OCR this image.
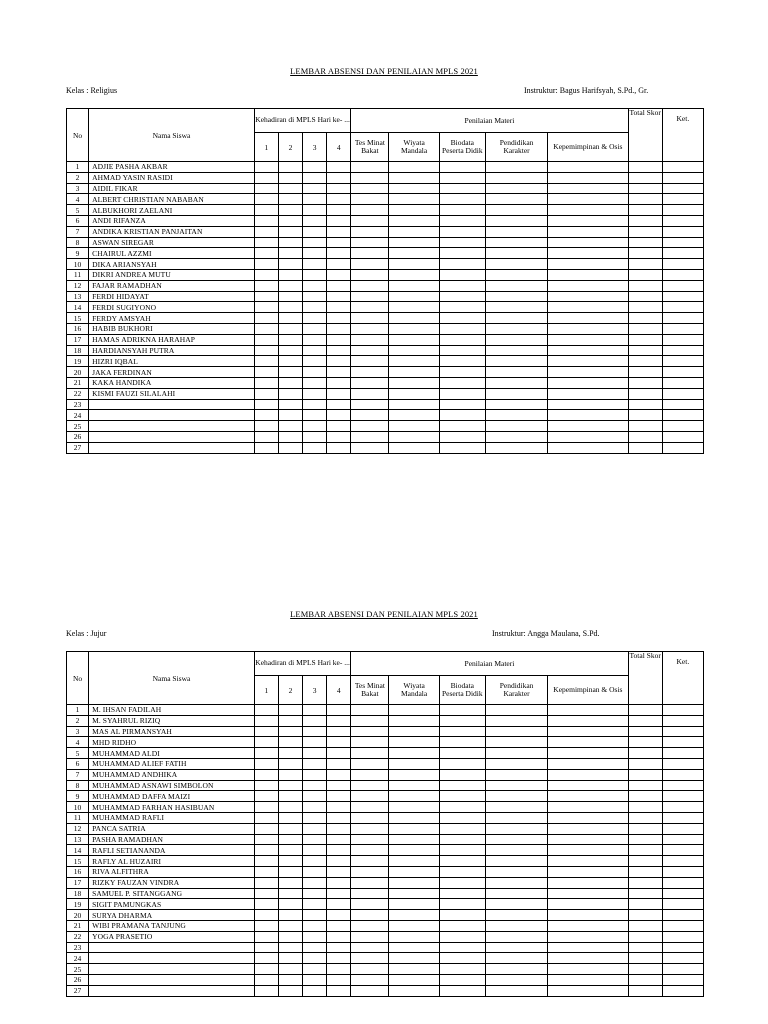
LEMBAR ABSENSI DAN PENILAIAN MPLS 2021
Kelas : Religius	Instruktur: Bagus Harifsyah, S.Pd., Gr.
No	Nama Siswa	Kehadiran di MPLS Hari ke- ...				Penilaian Materi					Total Skor	Ket.
		1	2	3	4	Tes Minat Bakat	Wiyata Mandala	Biodata Peserta Didik	Pendidikan Karakter	Kepemimpinan & Osis		
1	ADJIE PASHA AKBAR											
2	AHMAD YASIN RASIDI											
3	AIDIL FIKAR											
4	ALBERT CHRISTIAN NABABAN											
5	ALBUKHORI ZAELANI											
6	ANDI RIFANZA											
7	ANDIKA KRISTIAN PANJAITAN											
8	ASWAN SIREGAR											
9	CHAIRUL AZZMI											
10	DIKA ARIANSYAH											
11	DIKRI ANDREA MUTU											
12	FAJAR RAMADHAN											
13	FERDI HIDAYAT											
14	FERDI SUGIYONO											
15	FERDY AMSYAH											
16	HABIB BUKHORI											
17	HAMAS ADRIKNA HARAHAP											
18	HARDIANSYAH PUTRA											
19	HIZRI IQBAL											
20	JAKA FERDINAN											
21	KAKA HANDIKA											
22	KISMI FAUZI SILALAHI											
23												
24												
25												
26												
27												
LEMBAR ABSENSI DAN PENILAIAN MPLS 2021
Kelas : Jujur	Instruktur: Angga Maulana, S.Pd.
No	Nama Siswa	Kehadiran di MPLS Hari ke- ...				Penilaian Materi					Total Skor	Ket.
		1	2	3	4	Tes Minat Bakat	Wiyata Mandala	Biodata Peserta Didik	Pendidikan Karakter	Kepemimpinan & Osis		
1	M. IHSAN FADILAH											
2	M. SYAHRUL RIZIQ											
3	MAS AL PIRMANSYAH											
4	MHD RIDHO											
5	MUHAMMAD ALDI											
6	MUHAMMAD ALIEF FATIH											
7	MUHAMMAD ANDHIKA											
8	MUHAMMAD ASNAWI SIMBOLON											
9	MUHAMMAD DAFFA MAIZI											
10	MUHAMMAD FARHAN HASIBUAN											
11	MUHAMMAD RAFLI											
12	PANCA SATRIA											
13	PASHA RAMADHAN											
14	RAFLI SETIANANDA											
15	RAFLY AL HUZAIRI											
16	RIVA ALFITHRA											
17	RIZKY FAUZAN VINDRA											
18	SAMUEL P. SITANGGANG											
19	SIGIT PAMUNGKAS											
20	SURYA DHARMA											
21	WIBI PRAMANA TANJUNG											
22	YOGA PRASETIO											
23												
24												
25												
26												
27												
